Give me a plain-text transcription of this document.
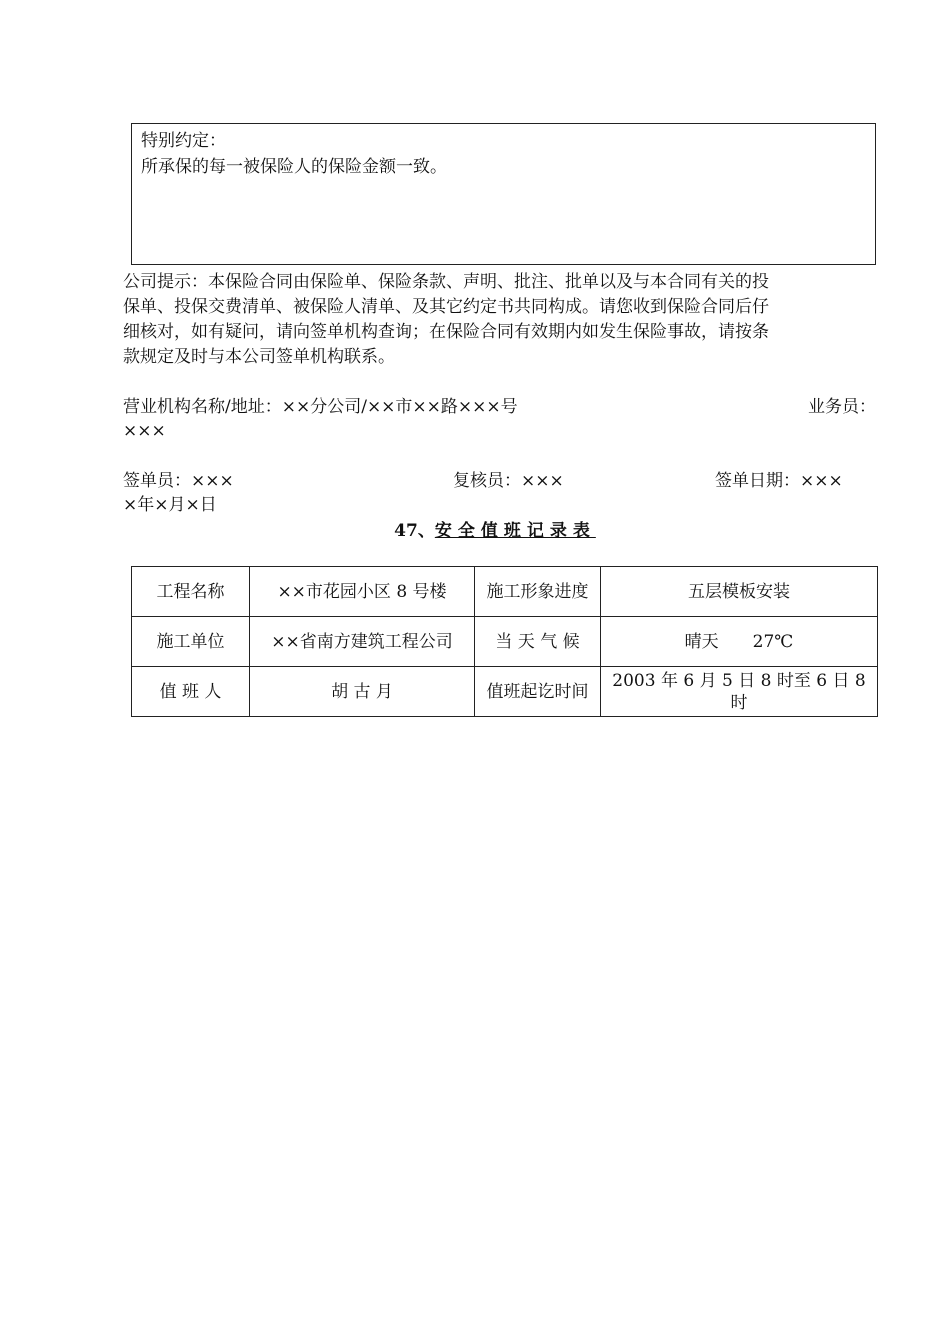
特别约定：
所承保的每一被保险人的保险金额一致。
公司提示：本保险合同由保险单、保险条款、声明、批注、批单以及与本合同有关的投
保单、投保交费清单、被保险人清单、及其它约定书共同构成。请您收到保险合同后仔
细核对，如有疑问，请向签单机构查询；在保险合同有效期内如发生保险事故，请按条
款规定及时与本公司签单机构联系。
营业机构名称/地址：××分公司/××市××路×××号	业务员：
×××
签单员：×××	复核员：×××	签单日期：×××
×年×月×日
47、安全值班记录表
工程名称	××市花园小区 8 号楼	施工形象进度	五层模板安装
施工单位	××省南方建筑工程公司	当 天 气 候	晴天　　27℃
值 班 人	胡 古 月	值班起讫时间	2003 年 6 月 5 日 8 时至 6 日 8 时
